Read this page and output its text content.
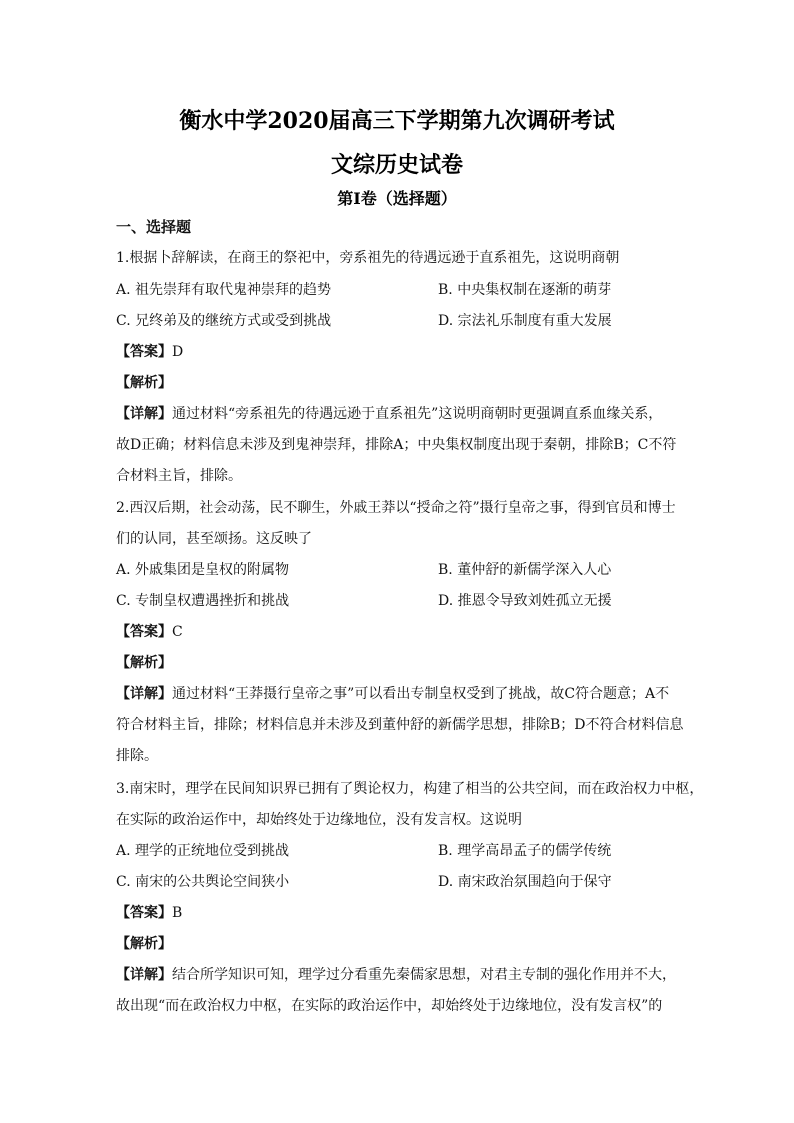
衡水中学2020届高三下学期第九次调研考试
文综历史试卷
第Ⅰ卷（选择题）
一、选择题
1.根据卜辞解读，在商王的祭祀中，旁系祖先的待遇远逊于直系祖先，这说明商朝
A. 祖先崇拜有取代鬼神崇拜的趋势	B. 中央集权制在逐渐的萌芽
C. 兄终弟及的继统方式或受到挑战	D. 宗法礼乐制度有重大发展
【答案】D
【解析】
【详解】通过材料“旁系祖先的待遇远逊于直系祖先”这说明商朝时更强调直系血缘关系，
故D正确；材料信息未涉及到鬼神崇拜，排除A；中央集权制度出现于秦朝，排除B；C不符
合材料主旨，排除。
2.西汉后期，社会动荡，民不聊生，外戚王莽以“授命之符”摄行皇帝之事，得到官员和博士
们的认同，甚至颂扬。这反映了
A. 外戚集团是皇权的附属物	B. 董仲舒的新儒学深入人心
C. 专制皇权遭遇挫折和挑战	D. 推恩令导致刘姓孤立无援
【答案】C
【解析】
【详解】通过材料“王莽摄行皇帝之事”可以看出专制皇权受到了挑战，故C符合题意；A不
符合材料主旨，排除；材料信息并未涉及到董仲舒的新儒学思想，排除B；D不符合材料信息
排除。
3.南宋时，理学在民间知识界已拥有了舆论权力，构建了相当的公共空间，而在政治权力中枢，
在实际的政治运作中，却始终处于边缘地位，没有发言权。这说明
A. 理学的正统地位受到挑战	B. 理学高昂孟子的儒学传统
C. 南宋的公共舆论空间狭小	D. 南宋政治氛围趋向于保守
【答案】B
【解析】
【详解】结合所学知识可知，理学过分看重先秦儒家思想，对君主专制的强化作用并不大，
故出现“而在政治权力中枢，在实际的政治运作中，却始终处于边缘地位，没有发言权”的
